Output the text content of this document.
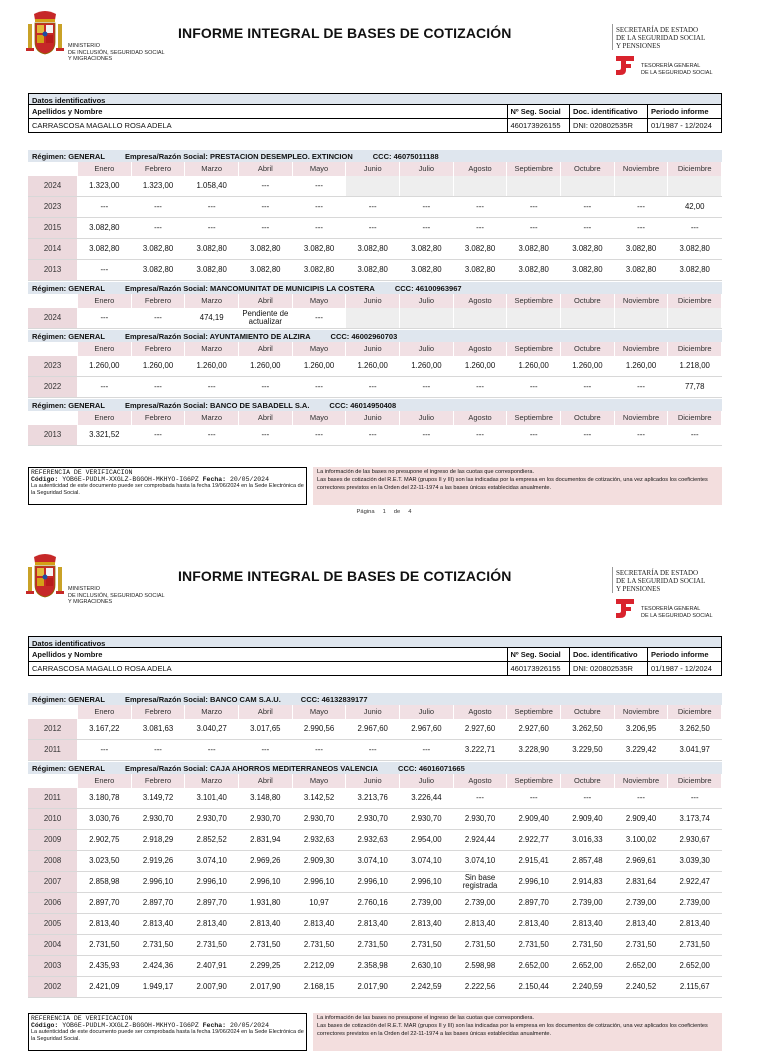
MINISTERIO
DE INCLUSIÓN, SEGURIDAD SOCIAL
Y MIGRACIONES
INFORME INTEGRAL DE BASES DE COTIZACIÓN	SECRETARÍA DE ESTADO
DE LA SEGURIDAD SOCIAL
Y PENSIONES
TESORERÍA GENERAL
DE LA SEGURIDAD SOCIAL
Datos identificativos
Apellidos y Nombre	Nº Seg. Social	Doc. identificativo	Periodo informe
CARRASCOSA MAGALLO ROSA ADELA	460173926155	DNI: 020802535R	01/1987 - 12/2024
Régimen: GENERAL	Empresa/Razón Social: PRESTACION DESEMPLEO. EXTINCION	CCC: 46075011188
Enero	Febrero	Marzo	Abril	Mayo	Junio	Julio	Agosto	Septiembre	Octubre	Noviembre	Diciembre
2024	1.323,00	1.323,00	1.058,40	---	---
2023	---	---	---	---	---	---	---	---	---	---	---	42,00
2015	3.082,80	---	---	---	---	---	---	---	---	---	---	---
2014	3.082,80	3.082,80	3.082,80	3.082,80	3.082,80	3.082,80	3.082,80	3.082,80	3.082,80	3.082,80	3.082,80	3.082,80
2013	---	3.082,80	3.082,80	3.082,80	3.082,80	3.082,80	3.082,80	3.082,80	3.082,80	3.082,80	3.082,80	3.082,80
Régimen: GENERAL	Empresa/Razón Social: MANCOMUNITAT DE MUNICIPIS LA COSTERA	CCC: 46100963967
Enero	Febrero	Marzo	Abril	Mayo	Junio	Julio	Agosto	Septiembre	Octubre	Noviembre	Diciembre
2024	---	---	474,19	Pendiente de actualizar	---
Régimen: GENERAL	Empresa/Razón Social: AYUNTAMIENTO DE ALZIRA	CCC: 46002960703
Enero	Febrero	Marzo	Abril	Mayo	Junio	Julio	Agosto	Septiembre	Octubre	Noviembre	Diciembre
2023	1.260,00	1.260,00	1.260,00	1.260,00	1.260,00	1.260,00	1.260,00	1.260,00	1.260,00	1.260,00	1.260,00	1.218,00
2022	---	---	---	---	---	---	---	---	---	---	---	77,78
Régimen: GENERAL	Empresa/Razón Social: BANCO DE SABADELL S.A.	CCC: 46014950408
Enero	Febrero	Marzo	Abril	Mayo	Junio	Julio	Agosto	Septiembre	Octubre	Noviembre	Diciembre
2013	3.321,52	---	---	---	---	---	---	---	---	---	---	---
REFERENCIA DE VERIFICACION
Código: YOB6E-PUDLM-XXGLZ-BGGOH-MKHYO-IG6PZ Fecha: 20/05/2024
La autenticidad de este documento puede ser comprobada hasta la fecha 19/06/2024 en la Sede Electrónica de la Seguridad Social.
La información de las bases no presupone el ingreso de las cuotas que correspondiera.
Las bases de cotización del R.E.T. MAR (grupos II y III) son las indicadas por la empresa en los documentos de cotización, una vez aplicados los coeficientes correctores previstos en la Orden del 22-11-1974 a las bases únicas establecidas anualmente.
Página 1 de 4
MINISTERIO
DE INCLUSIÓN, SEGURIDAD SOCIAL
Y MIGRACIONES
INFORME INTEGRAL DE BASES DE COTIZACIÓN	SECRETARÍA DE ESTADO
DE LA SEGURIDAD SOCIAL
Y PENSIONES
TESORERÍA GENERAL
DE LA SEGURIDAD SOCIAL
Datos identificativos
Apellidos y Nombre	Nº Seg. Social	Doc. identificativo	Periodo informe
CARRASCOSA MAGALLO ROSA ADELA	460173926155	DNI: 020802535R	01/1987 - 12/2024
Régimen: GENERAL	Empresa/Razón Social: BANCO CAM S.A.U.	CCC: 46132839177
Enero	Febrero	Marzo	Abril	Mayo	Junio	Julio	Agosto	Septiembre	Octubre	Noviembre	Diciembre
2012	3.167,22	3.081,63	3.040,27	3.017,65	2.990,56	2.967,60	2.967,60	2.927,60	2.927,60	3.262,50	3.206,95	3.262,50
2011	---	---	---	---	---	---	---	3.222,71	3.228,90	3.229,50	3.229,42	3.041,97
Régimen: GENERAL	Empresa/Razón Social: CAJA AHORROS MEDITERRANEOS VALENCIA	CCC: 46016071665
Enero	Febrero	Marzo	Abril	Mayo	Junio	Julio	Agosto	Septiembre	Octubre	Noviembre	Diciembre
2011	3.180,78	3.149,72	3.101,40	3.148,80	3.142,52	3.213,76	3.226,44	---	---	---	---	---
2010	3.030,76	2.930,70	2.930,70	2.930,70	2.930,70	2.930,70	2.930,70	2.930,70	2.909,40	2.909,40	2.909,40	3.173,74
2009	2.902,75	2.918,29	2.852,52	2.831,94	2.932,63	2.932,63	2.954,00	2.924,44	2.922,77	3.016,33	3.100,02	2.930,67
2008	3.023,50	2.919,26	3.074,10	2.969,26	2.909,30	3.074,10	3.074,10	3.074,10	2.915,41	2.857,48	2.969,61	3.039,30
2007	2.858,98	2.996,10	2.996,10	2.996,10	2.996,10	2.996,10	2.996,10	Sin base registrada	2.996,10	2.914,83	2.831,64	2.922,47
2006	2.897,70	2.897,70	2.897,70	1.931,80	10,97	2.760,16	2.739,00	2.739,00	2.897,70	2.739,00	2.739,00	2.739,00
2005	2.813,40	2.813,40	2.813,40	2.813,40	2.813,40	2.813,40	2.813,40	2.813,40	2.813,40	2.813,40	2.813,40	2.813,40
2004	2.731,50	2.731,50	2.731,50	2.731,50	2.731,50	2.731,50	2.731,50	2.731,50	2.731,50	2.731,50	2.731,50	2.731,50
2003	2.435,93	2.424,36	2.407,91	2.299,25	2.212,09	2.358,98	2.630,10	2.598,98	2.652,00	2.652,00	2.652,00	2.652,00
2002	2.421,09	1.949,17	2.007,90	2.017,90	2.168,15	2.017,90	2.242,59	2.222,56	2.150,44	2.240,59	2.240,52	2.115,67
REFERENCIA DE VERIFICACION
Código: YOB6E-PUDLM-XXGLZ-BGGOH-MKHYO-IG6PZ Fecha: 20/05/2024
La autenticidad de este documento puede ser comprobada hasta la fecha 19/06/2024 en la Sede Electrónica de la Seguridad Social.
La información de las bases no presupone el ingreso de las cuotas que correspondiera.
Las bases de cotización del R.E.T. MAR (grupos II y III) son las indicadas por la empresa en los documentos de cotización, una vez aplicados los coeficientes correctores previstos en la Orden del 22-11-1974 a las bases únicas establecidas anualmente.
